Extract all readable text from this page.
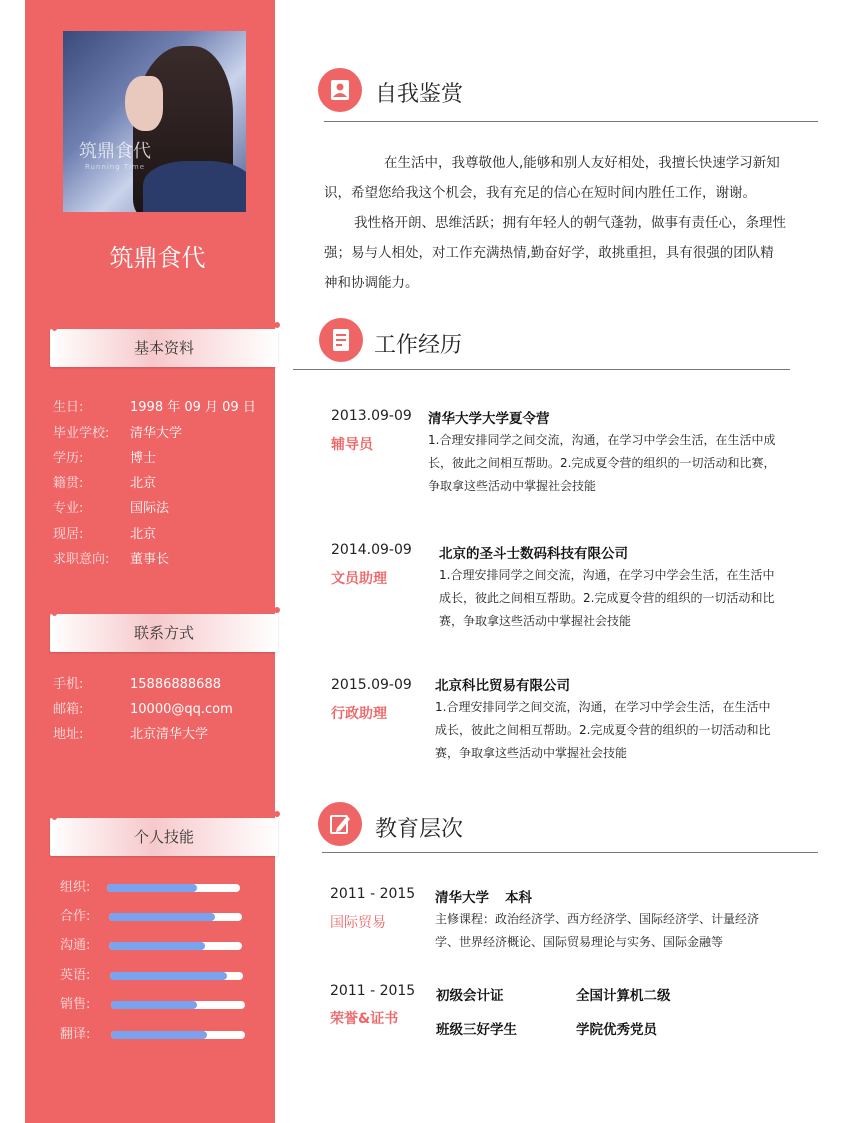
筑鼎食代
Running Time
筑鼎食代
基本资料
生日:	1998 年 09 月 09 日
毕业学校:	清华大学
学历:	博士
籍贯:	北京
专业:	国际法
现居:	北京
求职意向:	董事长
联系方式
手机:	15886888688
邮箱:	10000@qq.com
地址:	北京清华大学
个人技能
组织:
合作:
沟通:
英语:
销售:
翻译:
自我鉴赏
在生活中，我尊敬他人,能够和别人友好相处，我擅长快速学习新知识，希望您给我这个机会，我有充足的信心在短时间内胜任工作，谢谢。
我性格开朗、思维活跃；拥有年轻人的朝气蓬勃，做事有责任心，条理性强；易与人相处，对工作充满热情,勤奋好学，敢挑重担，具有很强的团队精神和协调能力。
工作经历
2013.09-09
辅导员
清华大学大学夏令营
1.合理安排同学之间交流，沟通，在学习中学会生活，在生活中成长，彼此之间相互帮助。2.完成夏令营的组织的一切活动和比赛，争取拿这些活动中掌握社会技能
2014.09-09
文员助理
北京的圣斗士数码科技有限公司
1.合理安排同学之间交流，沟通，在学习中学会生活，在生活中成长，彼此之间相互帮助。2.完成夏令营的组织的一切活动和比赛，争取拿这些活动中掌握社会技能
2015.09-09
行政助理
北京科比贸易有限公司
1.合理安排同学之间交流，沟通，在学习中学会生活，在生活中成长，彼此之间相互帮助。2.完成夏令营的组织的一切活动和比赛，争取拿这些活动中掌握社会技能
教育层次
2011 - 2015
国际贸易
清华大学 本科
主修课程：政治经济学、西方经济学、国际经济学、计量经济学、世界经济概论、国际贸易理论与实务、国际金融等
2011 - 2015
荣誉&证书
初级会计证	全国计算机二级
班级三好学生	学院优秀党员
